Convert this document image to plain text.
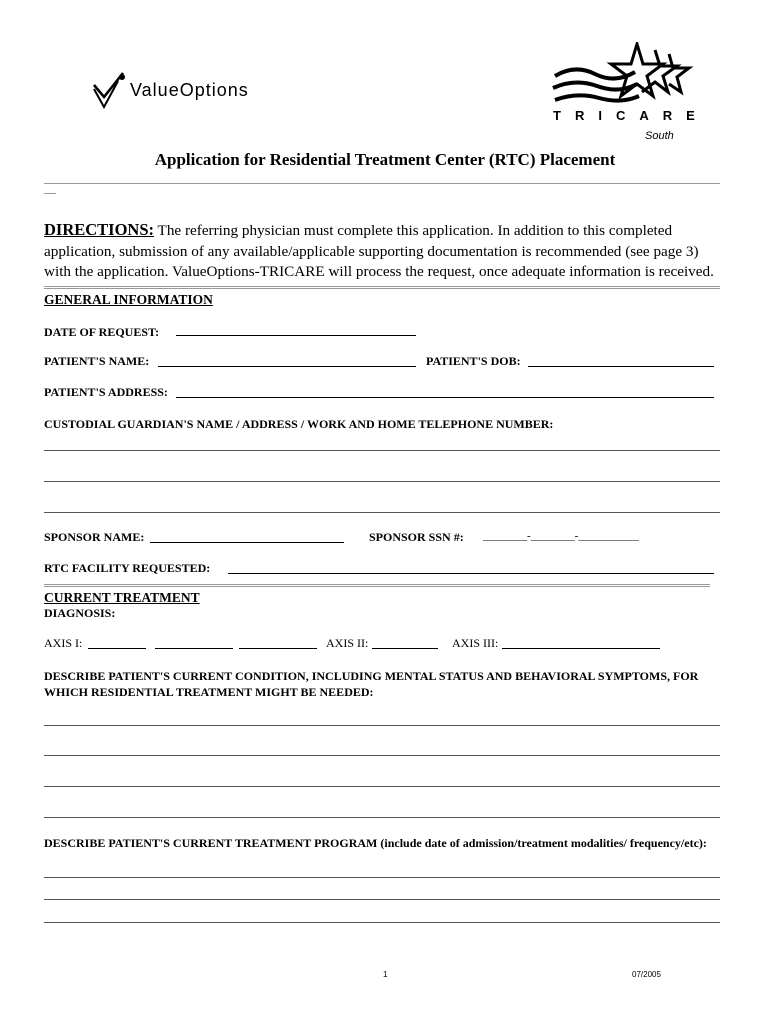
ValueOptions
TRICARE
South
Application for Residential Treatment Center (RTC) Placement
DIRECTIONS: The referring physician must complete this application. In addition to this completed application, submission of any available/applicable supporting documentation is recommended (see page 3) with the application. ValueOptions-TRICARE will process the request, once adequate information is received.
GENERAL INFORMATION
DATE OF REQUEST:
PATIENT'S NAME:	PATIENT'S DOB:
PATIENT'S ADDRESS:
CUSTODIAL GUARDIAN'S NAME / ADDRESS / WORK AND HOME TELEPHONE NUMBER:
SPONSOR NAME:	SPONSOR SSN #: ________-________-___________
RTC FACILITY REQUESTED:
CURRENT TREATMENT
DIAGNOSIS:
AXIS I:	AXIS II:	AXIS III:
DESCRIBE PATIENT'S CURRENT CONDITION, INCLUDING MENTAL STATUS AND BEHAVIORAL SYMPTOMS, FOR WHICH RESIDENTIAL TREATMENT MIGHT BE NEEDED:
DESCRIBE PATIENT'S CURRENT TREATMENT PROGRAM (include date of admission/treatment modalities/ frequency/etc):
1	07/2005
